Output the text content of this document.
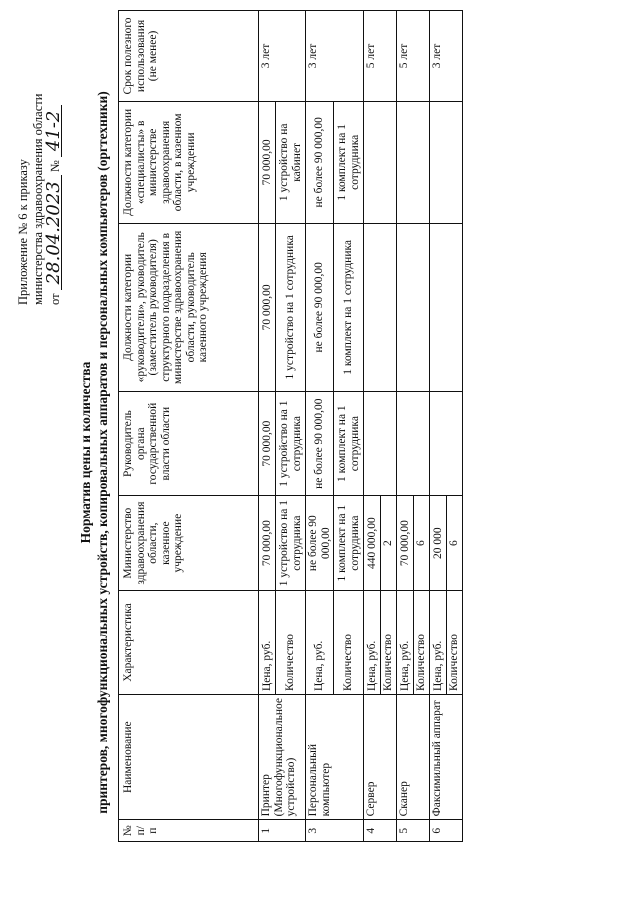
Приложение № 6 к приказу министерства здравоохранения области от 28.04.2023 № 41-2
Норматив цены и количества принтеров, многофункциональных устройств, копировальных аппаратов и персональных компьютеров (оргтехники)
№ п/п	Наименование	Характеристика	Министерство здравоохранения области, казенное учреждение	Руководитель органа государственной власти области	Должности категории «руководители», руководитель (заместитель руководителя) структурного подразделения в министерстве здравоохранения области, руководитель казенного учреждения	Должности категории «специалисты» в министерстве здравоохранения области, в казенном учреждении	Срок полезного использования (не менее)
1	Принтер (Многофункциональное устройство)	Цена, руб.	70 000,00	70 000,00	70 000,00	70 000,00	3 лет
		Количество	1 устройство на 1 сотрудника	1 устройство на 1 сотрудника	1 устройство на 1 сотрудника	1 устройство на кабинет	
3	Персональный компьютер	Цена, руб.	не более 90 000,00	не более 90 000,00	не более 90 000,00	не более 90 000,00	3 лет
		Количество	1 комплект на 1 сотрудника	1 комплект на 1 сотрудника	1 комплект на 1 сотрудника	1 комплект на 1 сотрудника	
4	Сервер	Цена, руб.	440 000,00				5 лет
		Количество	2				
5	Сканер	Цена, руб.	70 000,00				5 лет
		Количество	6				
6	Факсимильный аппарат	Цена, руб.	20 000				3 лет
		Количество	6				
